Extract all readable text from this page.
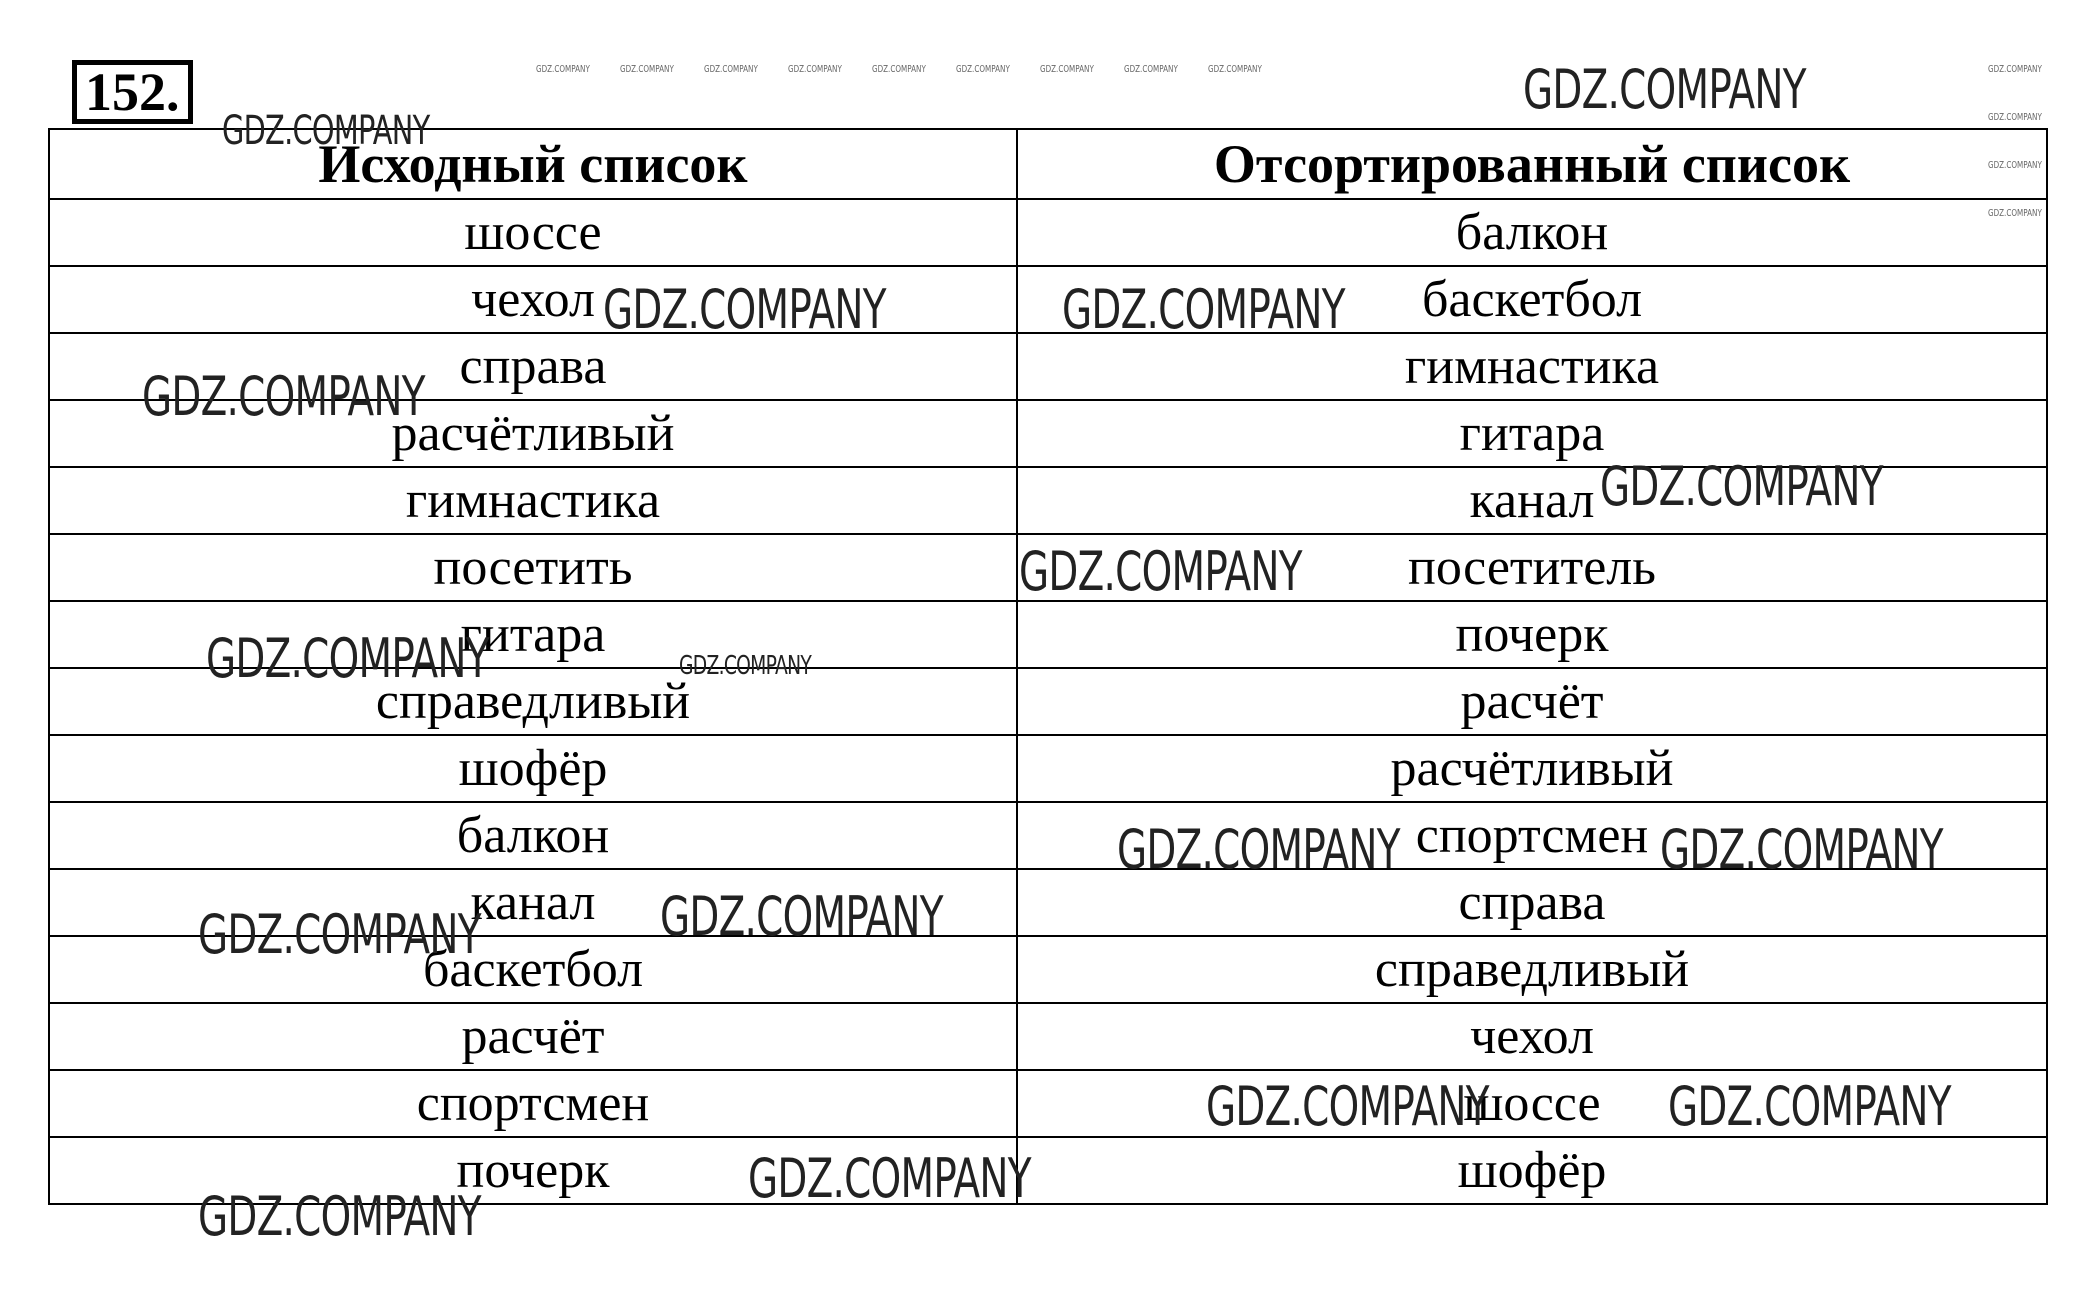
152.
Исходный список	Отсортированный список
шоссе	балкон
чехол	баскетбол
справа	гимнастика
расчётливый	гитара
гимнастика	канал
посетить	посетитель
гитара	почерк
справедливый	расчёт
шофёр	расчётливый
балкон	спортсмен
канал	справа
баскетбол	справедливый
расчёт	чехол
спортсмен	шоссе
почерк	шофёр
GDZ.COMPANY
GDZ.COMPANY
GDZ.COMPANY	GDZ.COMPANY
GDZ.COMPANY
GDZ.COMPANY
GDZ.COMPANY
GDZ.COMPANY	GDZ.COMPANY
GDZ.COMPANY	GDZ.COMPANY
GDZ.COMPANY	GDZ.COMPANY
GDZ.COMPANY	GDZ.COMPANY
GDZ.COMPANY
GDZ.COMPANY
GDZ.COMPANY	GDZ.COMPANY	GDZ.COMPANY	GDZ.COMPANY	GDZ.COMPANY	GDZ.COMPANY	GDZ.COMPANY	GDZ.COMPANY	GDZ.COMPANY	GDZ.COMPANY
GDZ.COMPANY
GDZ.COMPANY
GDZ.COMPANY
